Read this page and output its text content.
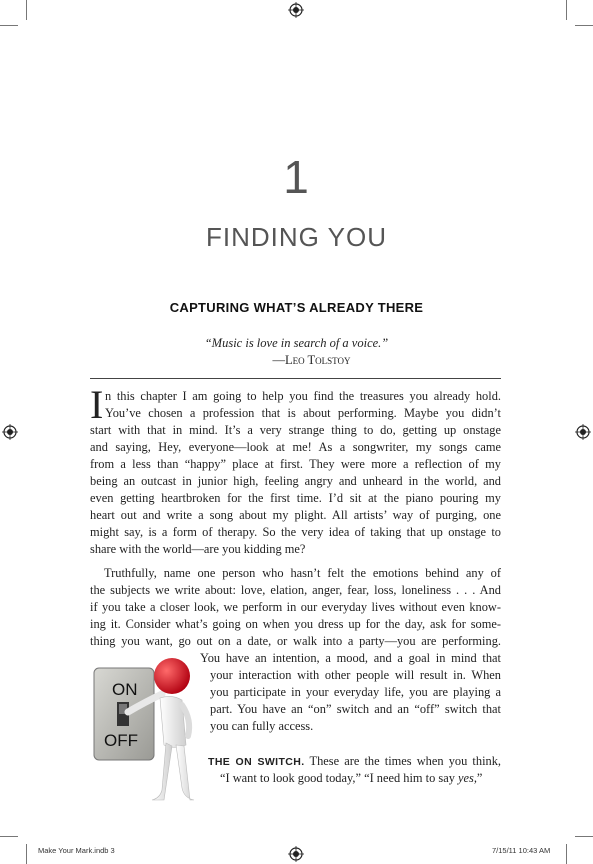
1
FINDING YOU
CAPTURING WHAT’S ALREADY THERE
“Music is love in search of a voice.”
—Leo Tolstoy
I n this chapter I am going to help you find the treasures you already hold.
You’ve chosen a profession that is about performing. Maybe you didn’t
start with that in mind. It’s a very strange thing to do, getting up onstage
and saying, Hey, everyone—look at me! As a songwriter, my songs came
from a less than “happy” place at first. They were more a reflection of my
being an outcast in junior high, feeling angry and unheard in the world, and
even getting heartbroken for the first time. I’d sit at the piano pouring my
heart out and write a song about my plight. All artists’ way of purging, one
might say, is a form of therapy. So the very idea of taking that up onstage to
share with the world—are you kidding me?
Truthfully, name one person who hasn’t felt the emotions behind any of
the subjects we write about: love, elation, anger, fear, loss, loneliness . . . And
if you take a closer look, we perform in our everyday lives without even know-
ing it. Consider what’s going on when you dress up for the day, ask for some-
thing you want, go out on a date, or walk into a party—you are performing.
You have an intention, a mood, and a goal in mind that
your interaction with other people will result in. When
you participate in your everyday life, you are playing a
part. You have an “on” switch and an “off” switch that
you can fully access.
THE ON SWITCH. These are the times when you think,
“I want to look good today,” “I need him to say yes,”
ON
OFF
Make Your Mark.indb 3	7/15/11 10:43 AM
